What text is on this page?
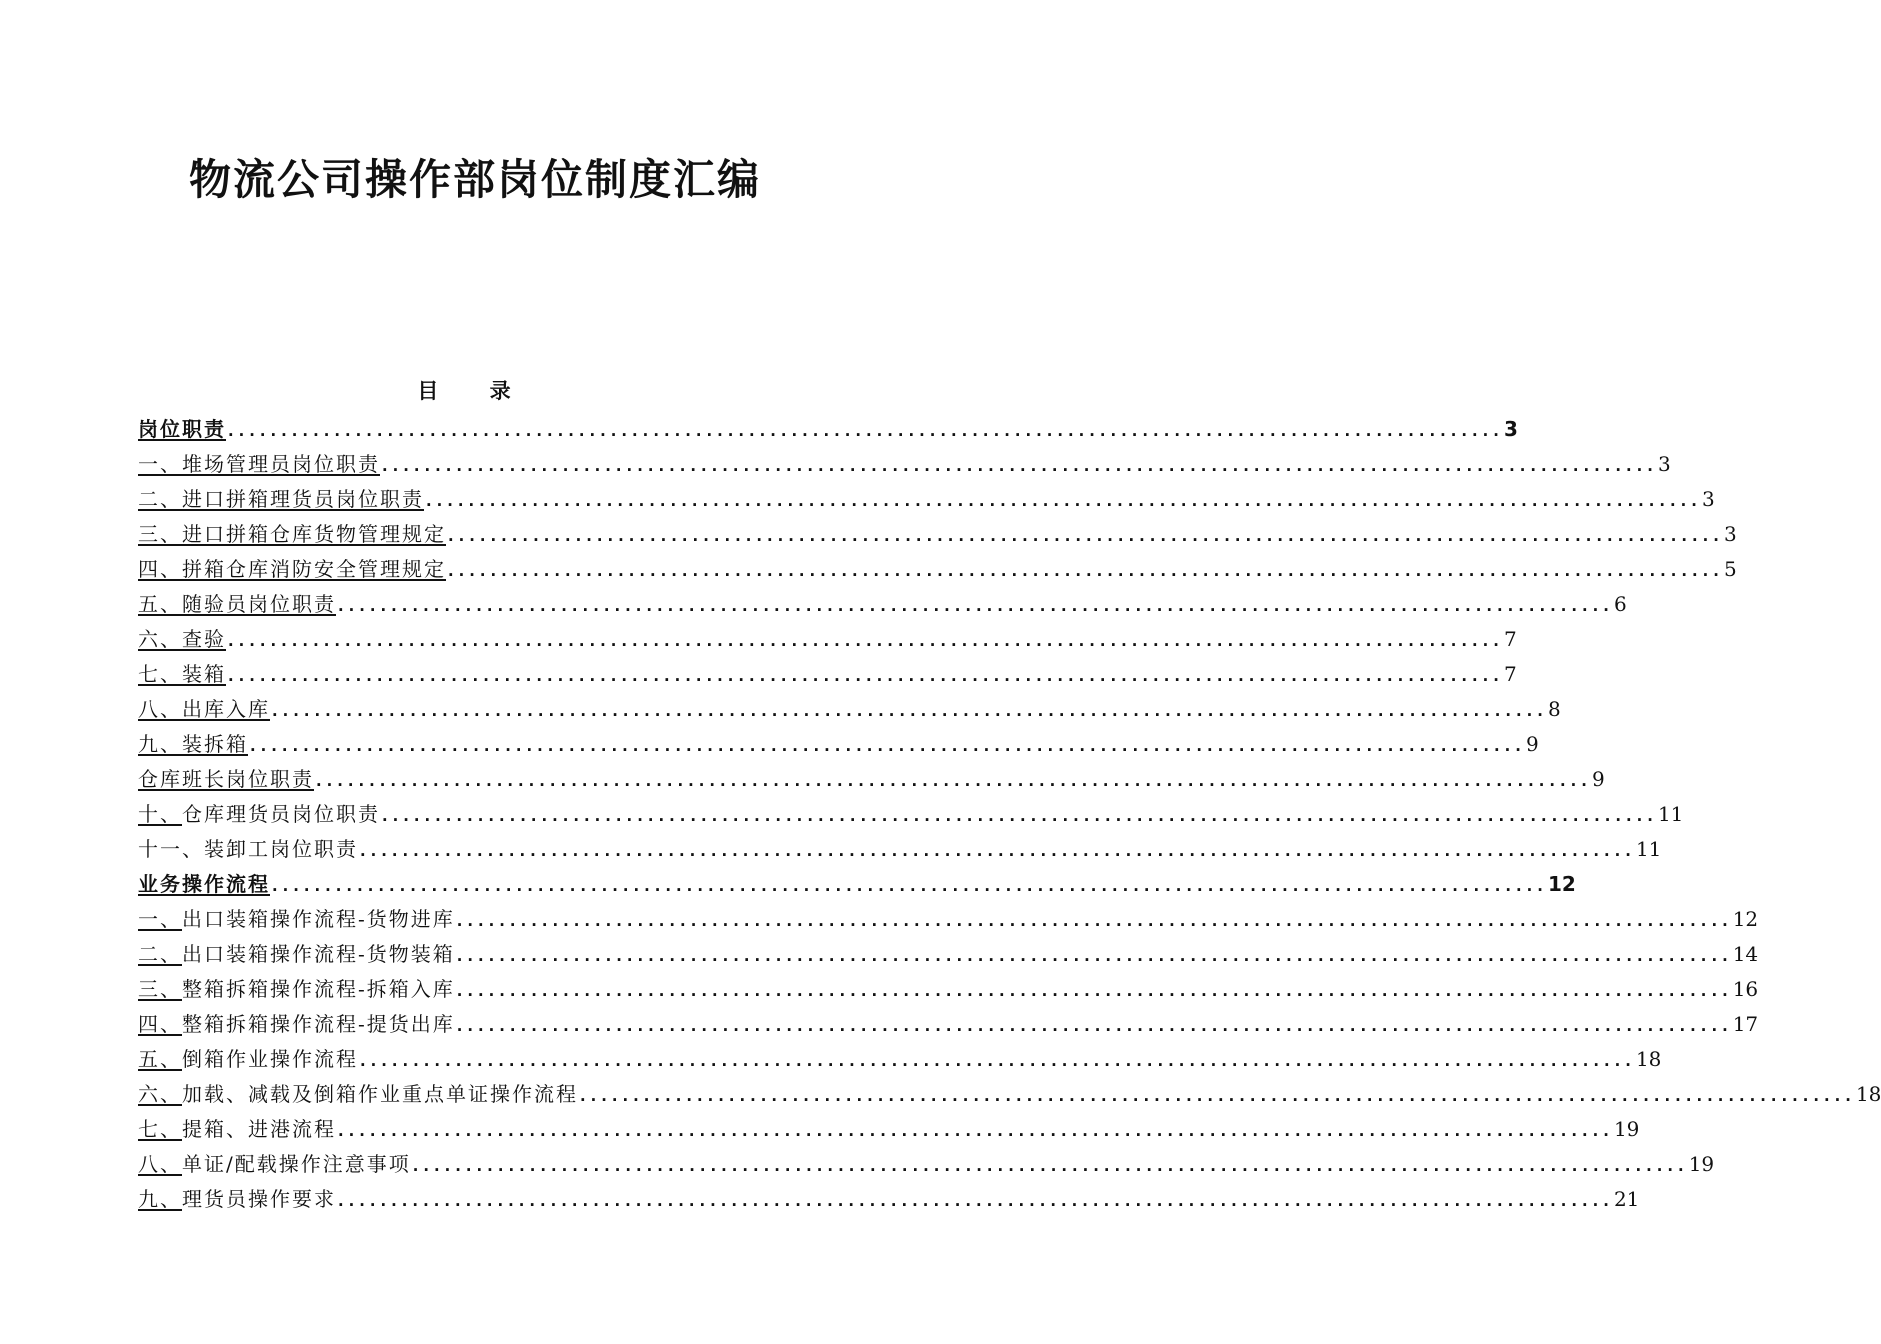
物流公司操作部岗位制度汇编
目 录
岗位职责 ........................................................................................................................ 3
一、堆场管理员岗位职责 ........................................................................................................................ 3
二、进口拼箱理货员岗位职责 ........................................................................................................................ 3
三、进口拼箱仓库货物管理规定 ........................................................................................................................ 3
四、拼箱仓库消防安全管理规定 ........................................................................................................................ 5
五、随验员岗位职责 ........................................................................................................................ 6
六、查验 ........................................................................................................................ 7
七、装箱 ........................................................................................................................ 7
八、出库入库 ........................................................................................................................ 8
九、装拆箱 ........................................................................................................................ 9
仓库班长岗位职责 ........................................................................................................................ 9
十、仓库理货员岗位职责 ........................................................................................................................ 11
十一、装卸工岗位职责 ........................................................................................................................ 11
业务操作流程 ........................................................................................................................ 12
一、出口装箱操作流程-货物进库 ........................................................................................................................ 12
二、出口装箱操作流程-货物装箱 ........................................................................................................................ 14
三、整箱拆箱操作流程-拆箱入库 ........................................................................................................................ 16
四、整箱拆箱操作流程-提货出库 ........................................................................................................................ 17
五、倒箱作业操作流程 ........................................................................................................................ 18
六、加载、减载及倒箱作业重点单证操作流程 ........................................................................................................................ 18
七、提箱、进港流程 ........................................................................................................................ 19
八、单证/配载操作注意事项 ........................................................................................................................ 19
九、理货员操作要求 ........................................................................................................................ 21
